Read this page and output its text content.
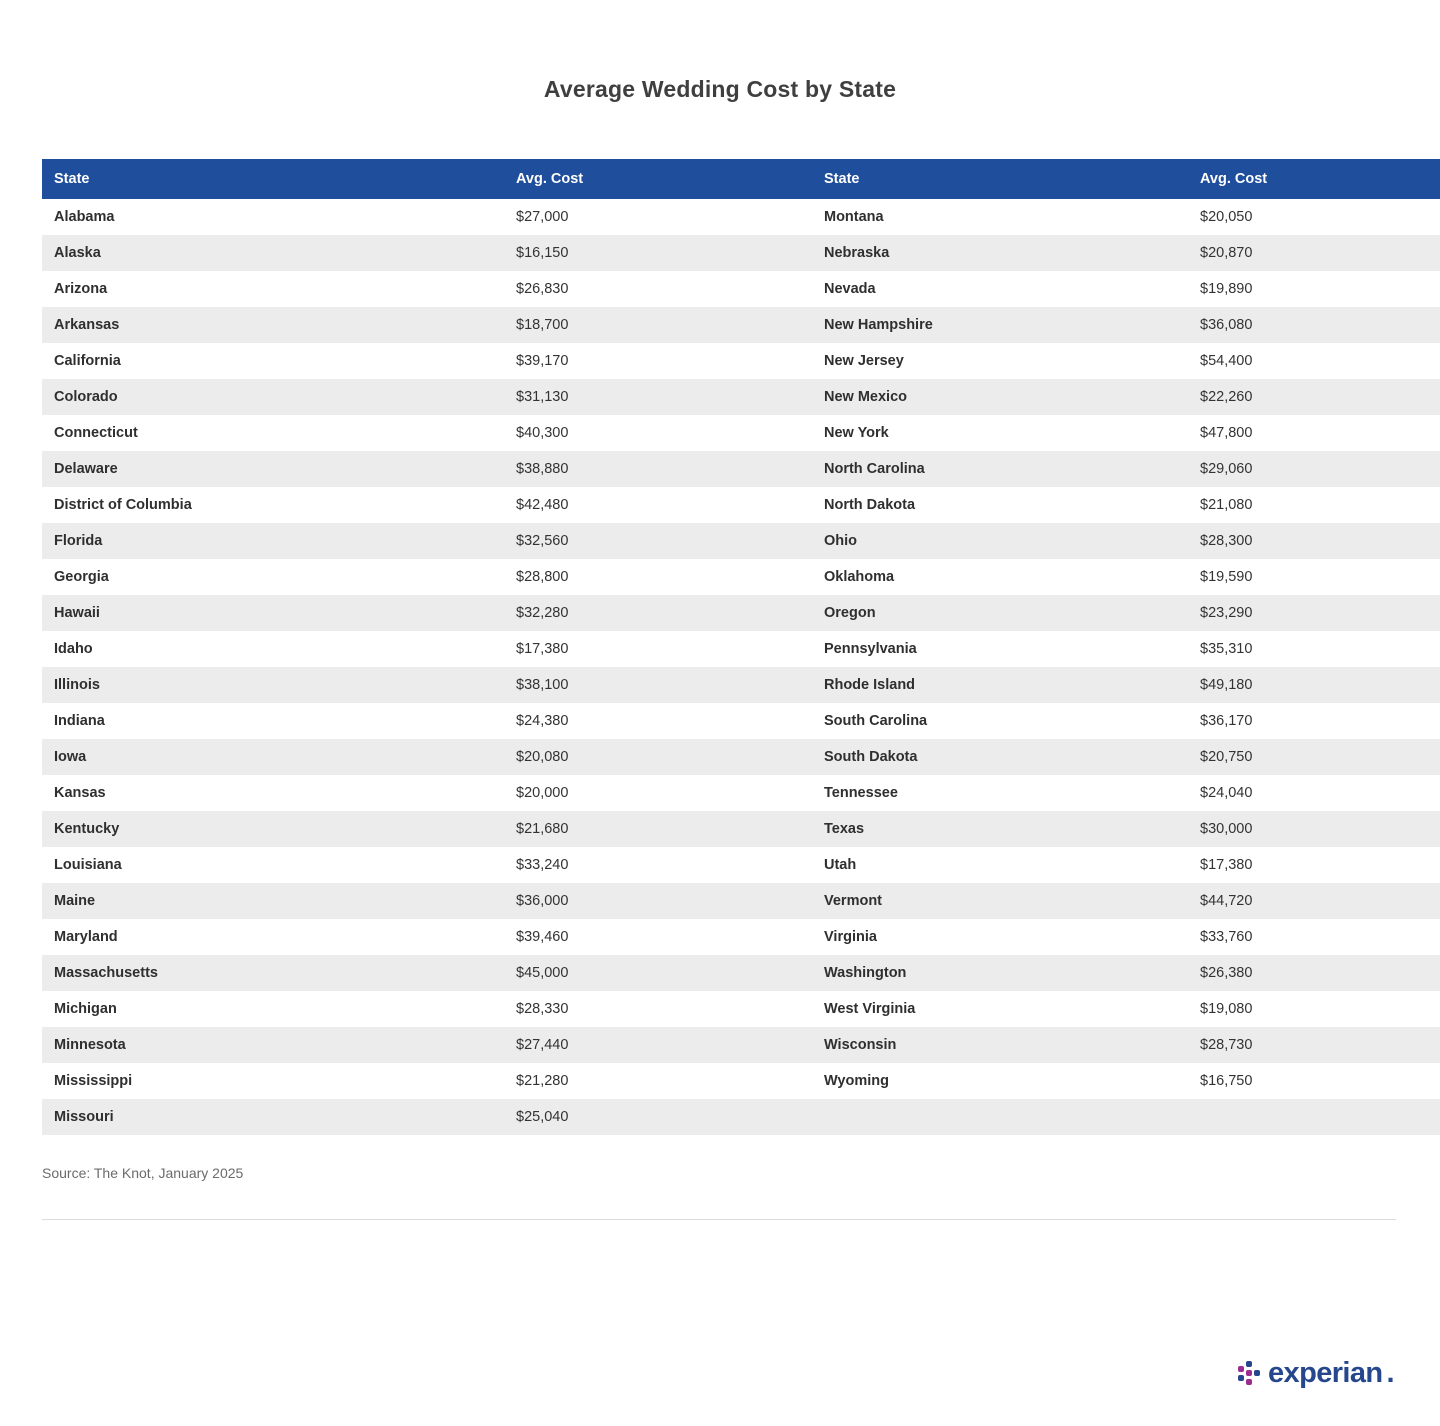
Average Wedding Cost by State
State	Avg. Cost	State	Avg. Cost
Alabama	$27,000	Montana	$20,050
Alaska	$16,150	Nebraska	$20,870
Arizona	$26,830	Nevada	$19,890
Arkansas	$18,700	New Hampshire	$36,080
California	$39,170	New Jersey	$54,400
Colorado	$31,130	New Mexico	$22,260
Connecticut	$40,300	New York	$47,800
Delaware	$38,880	North Carolina	$29,060
District of Columbia	$42,480	North Dakota	$21,080
Florida	$32,560	Ohio	$28,300
Georgia	$28,800	Oklahoma	$19,590
Hawaii	$32,280	Oregon	$23,290
Idaho	$17,380	Pennsylvania	$35,310
Illinois	$38,100	Rhode Island	$49,180
Indiana	$24,380	South Carolina	$36,170
Iowa	$20,080	South Dakota	$20,750
Kansas	$20,000	Tennessee	$24,040
Kentucky	$21,680	Texas	$30,000
Louisiana	$33,240	Utah	$17,380
Maine	$36,000	Vermont	$44,720
Maryland	$39,460	Virginia	$33,760
Massachusetts	$45,000	Washington	$26,380
Michigan	$28,330	West Virginia	$19,080
Minnesota	$27,440	Wisconsin	$28,730
Mississippi	$21,280	Wyoming	$16,750
Missouri	$25,040		
Source: The Knot, January 2025
experian .
